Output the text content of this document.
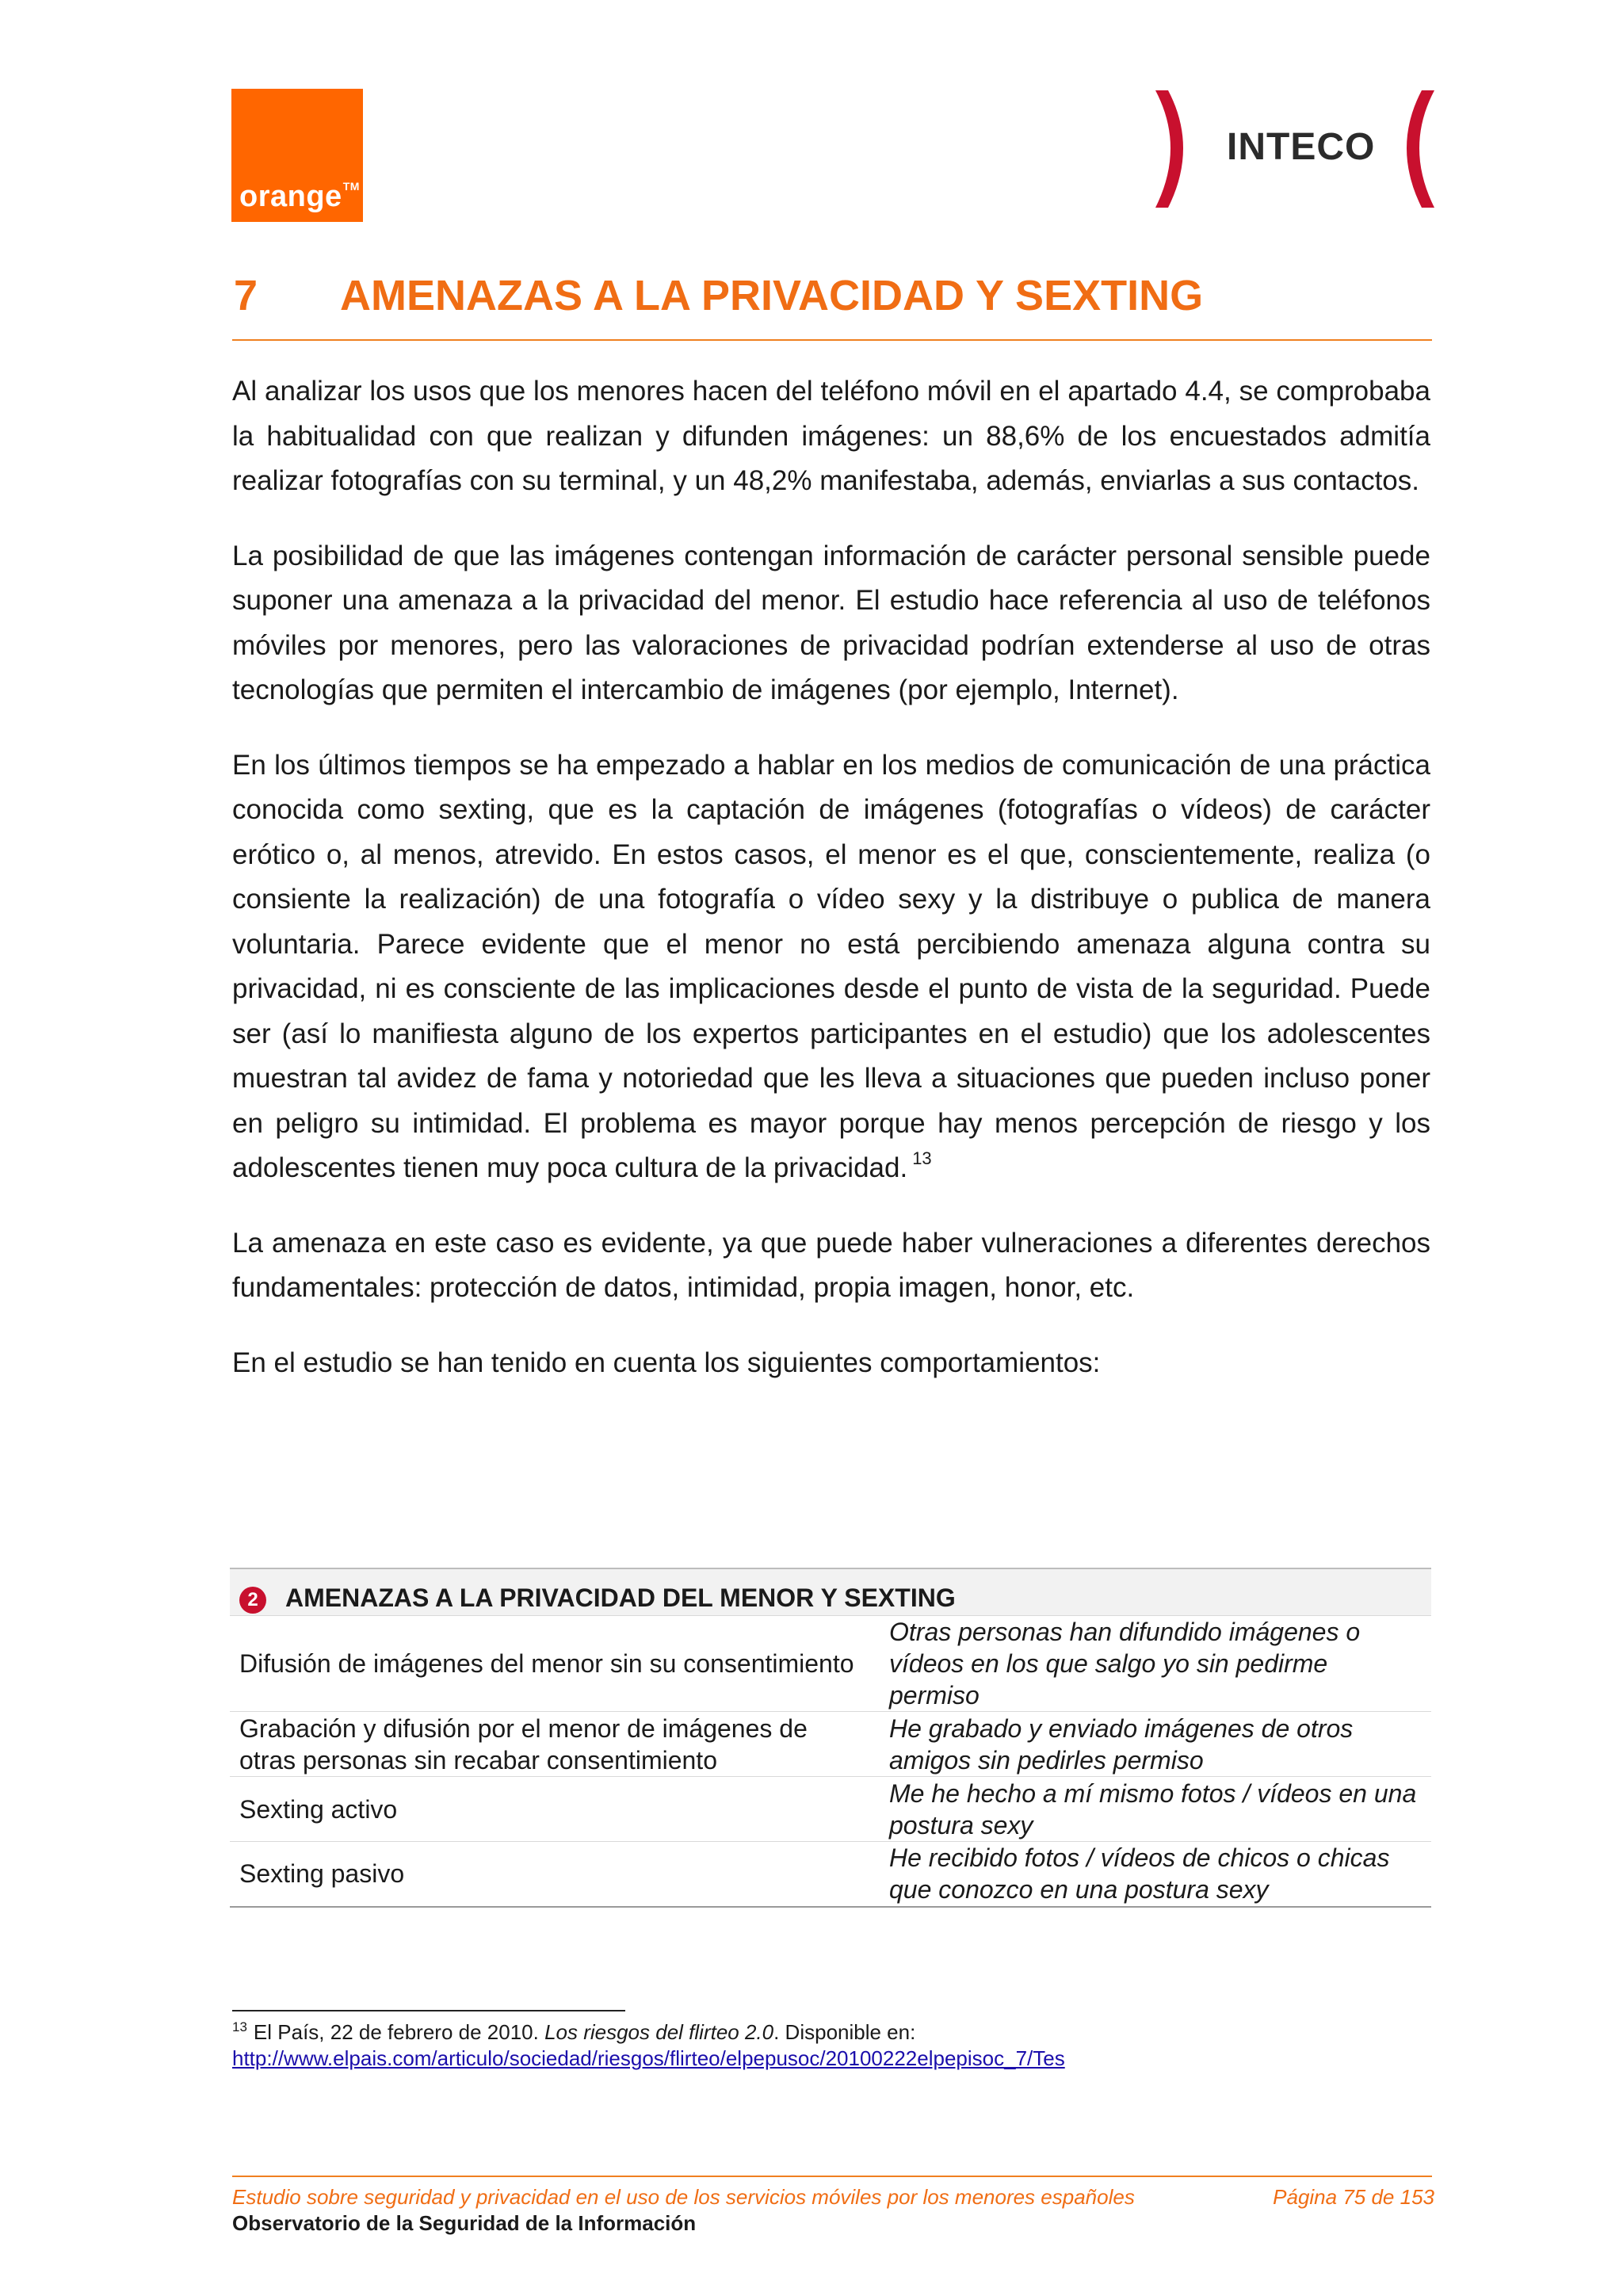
orange™
INTECO
7 AMENAZAS A LA PRIVACIDAD Y SEXTING

Al analizar los usos que los menores hacen del teléfono móvil en el apartado 4.4, se comprobaba la habitualidad con que realizan y difunden imágenes: un 88,6% de los encuestados admitía realizar fotografías con su terminal, y un 48,2% manifestaba, además, enviarlas a sus contactos.

La posibilidad de que las imágenes contengan información de carácter personal sensible puede suponer una amenaza a la privacidad del menor. El estudio hace referencia al uso de teléfonos móviles por menores, pero las valoraciones de privacidad podrían extenderse al uso de otras tecnologías que permiten el intercambio de imágenes (por ejemplo, Internet).

En los últimos tiempos se ha empezado a hablar en los medios de comunicación de una práctica conocida como sexting, que es la captación de imágenes (fotografías o vídeos) de carácter erótico o, al menos, atrevido. En estos casos, el menor es el que, conscientemente, realiza (o consiente la realización) de una fotografía o vídeo sexy y la distribuye o publica de manera voluntaria. Parece evidente que el menor no está percibiendo amenaza alguna contra su privacidad, ni es consciente de las implicaciones desde el punto de vista de la seguridad. Puede ser (así lo manifiesta alguno de los expertos participantes en el estudio) que los adolescentes muestran tal avidez de fama y notoriedad que les lleva a situaciones que pueden incluso poner en peligro su intimidad. El problema es mayor porque hay menos percepción de riesgo y los adolescentes tienen muy poca cultura de la privacidad. $^{13}$

La amenaza en este caso es evidente, ya que puede haber vulneraciones a diferentes derechos fundamentales: protección de datos, intimidad, propia imagen, honor, etc.

En el estudio se han tenido en cuenta los siguientes comportamientos:

2 AMENAZAS A LA PRIVACIDAD DEL MENOR Y SEXTING	
Difusión de imágenes del menor sin su consentimiento	Otras personas han difundido imágenes o vídeos en los que salgo yo sin pedirme permiso
Grabación y difusión por el menor de imágenes de otras personas sin recabar consentimiento	He grabado y enviado imágenes de otros amigos sin pedirles permiso
Sexting activo	Me he hecho a mí mismo fotos / vídeos en una postura sexy
Sexting pasivo	He recibido fotos / vídeos de chicos o chicas que conozco en una postura sexy
$^{13}$ El País, 22 de febrero de 2010. Los riesgos del flirteo 2.0. Disponible en:
http://www.elpais.com/articulo/sociedad/riesgos/flirteo/elpepusoc/20100222elpepisoc_7/Tes
Estudio sobre seguridad y privacidad en el uso de los servicios móviles por los menores españoles
Observatorio de la Seguridad de la Información
Página 75 de 153
